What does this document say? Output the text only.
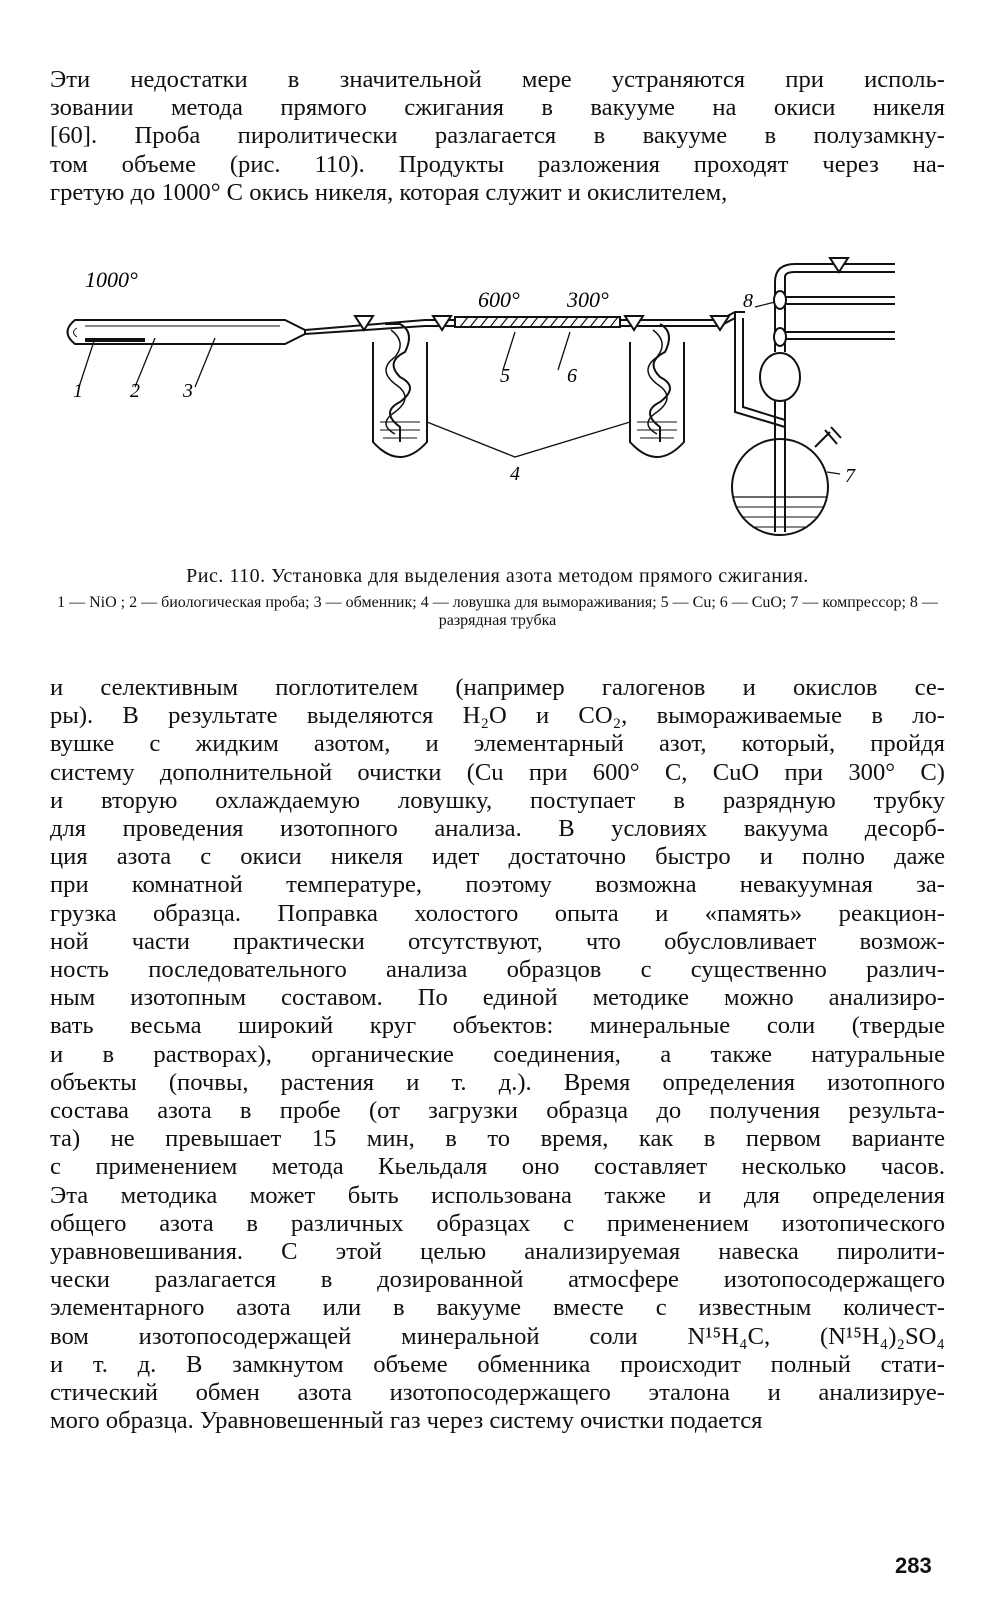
Эти недостатки в значительной мере устраняются при исполь-
зовании метода прямого сжигания в вакууме на окиси никеля
[60]. Проба пиролитически разлагается в вакууме в полузамкну-
том объеме (рис. 110). Продукты разложения проходят через на-
гретую до 1000° С окись никеля, которая служит и окислителем,
1000°
600° 300°
1 2 3
4
5	6
7
8
Рис. 110. Установка для выделения азота методом прямого сжигания.
1 — NiO ; 2 — биологическая проба; 3 — обменник; 4 — ловушка для вымораживания; 5 — Cu; 6 — CuO; 7 — компрессор; 8 — разрядная трубка
и селективным поглотителем (например галогенов и окислов се-
ры). В результате выделяются H₂O и CO₂, вымораживаемые в ло-
вушке с жидким азотом, и элементарный азот, который, пройдя
систему дополнительной очистки (Cu при 600° С, CuO при 300° С)
и вторую охлаждаемую ловушку, поступает в разрядную трубку
для проведения изотопного анализа. В условиях вакуума десорб-
ция азота с окиси никеля идет достаточно быстро и полно даже
при комнатной температуре, поэтому возможна невакуумная за-
грузка образца. Поправка холостого опыта и «память» реакцион-
ной части практически отсутствуют, что обусловливает возмож-
ность последовательного анализа образцов с существенно различ-
ным изотопным составом. По единой методике можно анализиро-
вать весьма широкий круг объектов: минеральные соли (твердые
и в растворах), органические соединения, а также натуральные
объекты (почвы, растения и т. д.). Время определения изотопного
состава азота в пробе (от загрузки образца до получения результа-
та) не превышает 15 мин, в то время, как в первом варианте
с применением метода Кьельдаля оно составляет несколько часов.
Эта методика может быть использована также и для определения
общего азота в различных образцах с применением изотопического
уравновешивания. С этой целью анализируемая навеска пиролити-
чески разлагается в дозированной атмосфере изотопосодержащего
элементарного азота или в вакууме вместе с известным количест-
вом изотопосодержащей минеральной соли N¹⁵H₄C, (N¹⁵H₄)₂SO₄
и т. д. В замкнутом объеме обменника происходит полный стати-
стический обмен азота изотопосодержащего эталона и анализируе-
мого образца. Уравновешенный газ через систему очистки подается
283
